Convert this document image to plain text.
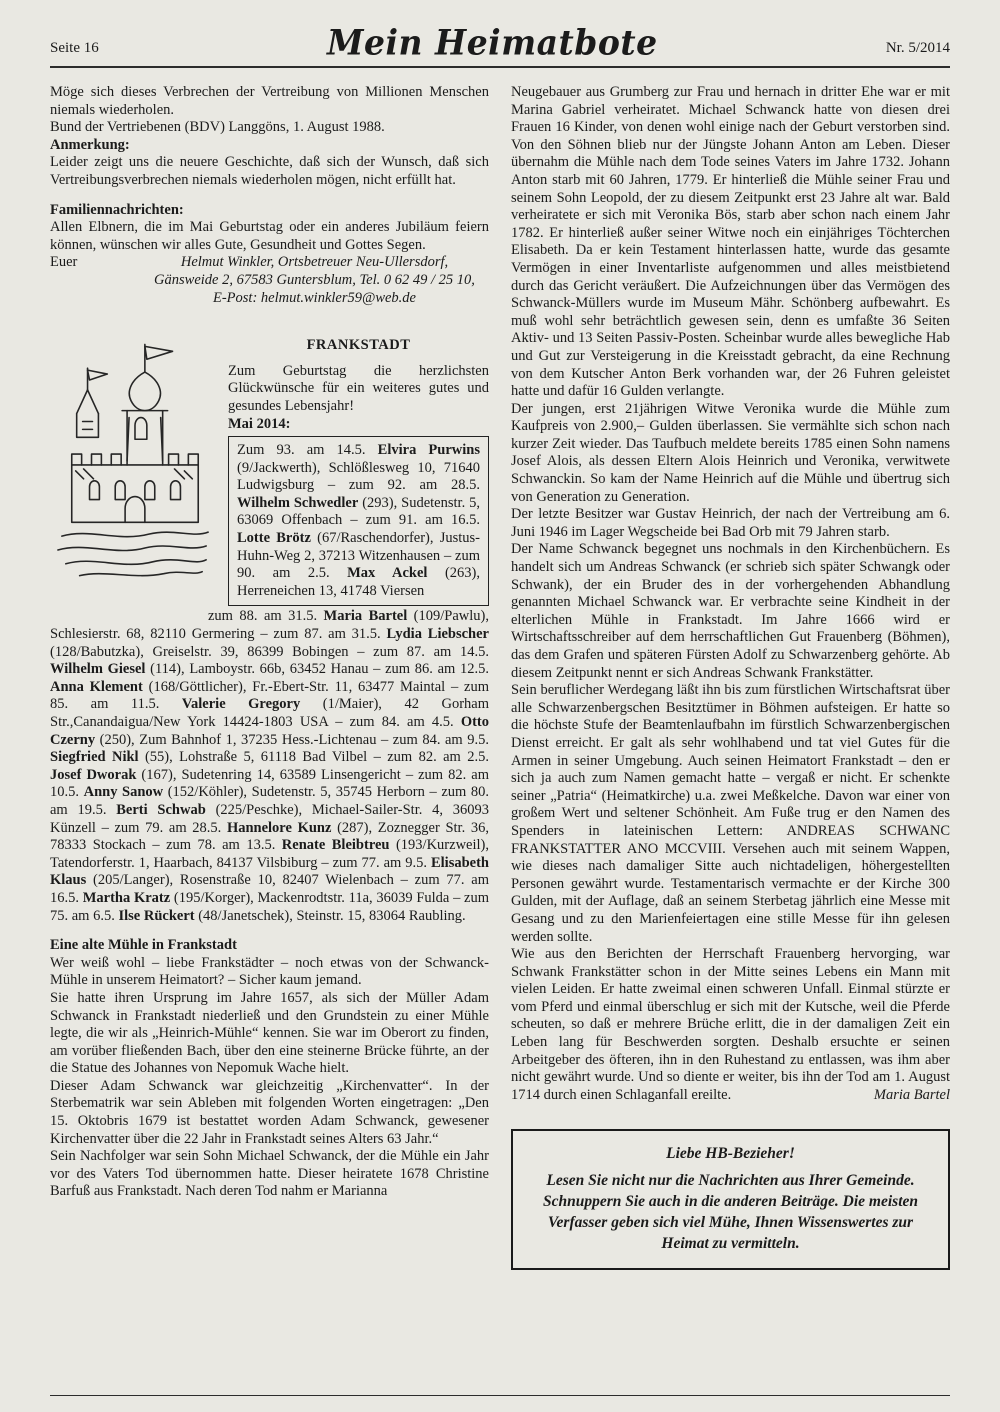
Seite 16	Mein Heimatbote	Nr. 5/2014

Möge sich dieses Verbrechen der Vertreibung von Millionen Menschen niemals wiederholen.

Bund der Vertriebenen (BDV) Langgöns, 1. August 1988.

Anmerkung:

Leider zeigt uns die neuere Geschichte, daß sich der Wunsch, daß sich Vertreibungsverbrechen niemals wiederholen mögen, nicht erfüllt hat.

Familiennachrichten:

Allen Elbnern, die im Mai Geburtstag oder ein anderes Jubiläum feiern können, wünschen wir alles Gute, Gesundheit und Gottes Segen.

Euer	Helmut Winkler, Ortsbetreuer Neu-Ullersdorf,
Gänsweide 2, 67583 Guntersblum, Tel. 0 62 49 / 25 10,
E-Post: helmut.winkler59@web.de
FRANKSTADT

Zum Geburtstag die herzlichsten Glückwünsche für ein weiteres gutes und gesundes Lebensjahr!

Mai 2014:

Zum 93. am 14.5. Elvira Purwins (9/Jackwerth), Schlößlesweg 10, 71640 Ludwigsburg – zum 92. am 28.5. Wilhelm Schwedler (293), Sudetenstr. 5, 63069 Offenbach – zum 91. am 16.5. Lotte Brötz (67/Raschendorfer), Justus-Huhn-Weg 2, 37213 Witzenhausen – zum 90. am 2.5. Max Ackel (263), Herreneichen 13, 41748 Viersen

zum 88. am 31.5. Maria Bartel (109/Pawlu), Schlesierstr. 68, 82110 Germering – zum 87. am 31.5. Lydia Liebscher (128/Babutzka), Greiselstr. 39, 86399 Bobingen – zum 87. am 14.5. Wilhelm Giesel (114), Lamboystr. 66b, 63452 Hanau – zum 86. am 12.5. Anna Klement (168/Göttlicher), Fr.-Ebert-Str. 11, 63477 Maintal – zum 85. am 11.5. Valerie Gregory (1/Maier), 42 Gorham Str.,Canandaigua/New York 14424-1803 USA – zum 84. am 4.5. Otto Czerny (250), Zum Bahnhof 1, 37235 Hess.-Lichtenau – zum 84. am 9.5. Siegfried Nikl (55), Lohstraße 5, 61118 Bad Vilbel – zum 82. am 2.5. Josef Dworak (167), Sudetenring 14, 63589 Linsengericht – zum 82. am 10.5. Anny Sanow (152/Köhler), Sudetenstr. 5, 35745 Herborn – zum 80. am 19.5. Berti Schwab (225/Peschke), Michael-Sailer-Str. 4, 36093 Künzell – zum 79. am 28.5. Hannelore Kunz (287), Zoznegger Str. 36, 78333 Stockach – zum 78. am 13.5. Renate Bleibtreu (193/Kurzweil), Tatendorferstr. 1, Haarbach, 84137 Vilsbiburg – zum 77. am 9.5. Elisabeth Klaus (205/Langer), Rosenstraße 10, 82407 Wielenbach – zum 77. am 16.5. Martha Kratz (195/Korger), Mackenrodtstr. 11a, 36039 Fulda – zum 75. am 6.5. Ilse Rückert (48/Janetschek), Steinstr. 15, 83064 Raubling.

Eine alte Mühle in Frankstadt

Wer weiß wohl – liebe Frankstädter – noch etwas von der Schwanck-Mühle in unserem Heimatort? – Sicher kaum jemand.

Sie hatte ihren Ursprung im Jahre 1657, als sich der Müller Adam Schwanck in Frankstadt niederließ und den Grundstein zu einer Mühle legte, die wir als „Heinrich-Mühle“ kennen. Sie war im Oberort zu finden, am vorüber fließenden Bach, über den eine steinerne Brücke führte, an der die Statue des Johannes von Nepomuk Wache hielt.

Dieser Adam Schwanck war gleichzeitig „Kirchenvatter“. In der Sterbematrik war sein Ableben mit folgenden Worten eingetragen: „Den 15. Oktobris 1679 ist bestattet worden Adam Schwanck, gewesener Kirchenvatter über die 22 Jahr in Frankstadt seines Alters 63 Jahr.“

Sein Nachfolger war sein Sohn Michael Schwanck, der die Mühle ein Jahr vor des Vaters Tod übernommen hatte. Dieser heiratete 1678 Christine Barfuß aus Frankstadt. Nach deren Tod nahm er Marianna

Neugebauer aus Grumberg zur Frau und hernach in dritter Ehe war er mit Marina Gabriel verheiratet. Michael Schwanck hatte von diesen drei Frauen 16 Kinder, von denen wohl einige nach der Geburt verstorben sind. Von den Söhnen blieb nur der Jüngste Johann Anton am Leben. Dieser übernahm die Mühle nach dem Tode seines Vaters im Jahre 1732. Johann Anton starb mit 60 Jahren, 1779. Er hinterließ die Mühle seiner Frau und seinem Sohn Leopold, der zu diesem Zeitpunkt erst 23 Jahre alt war. Bald verheiratete er sich mit Veronika Bös, starb aber schon nach einem Jahr 1782. Er hinterließ außer seiner Witwe noch ein einjähriges Töchterchen Elisabeth. Da er kein Testament hinterlassen hatte, wurde das gesamte Vermögen in einer Inventarliste aufgenommen und alles meistbietend durch das Gericht veräußert. Die Aufzeichnungen über das Vermögen des Schwanck-Müllers wurde im Museum Mähr. Schönberg aufbewahrt. Es muß wohl sehr beträchtlich gewesen sein, denn es umfaßte 36 Seiten Aktiv- und 13 Seiten Passiv-Posten. Scheinbar wurde alles bewegliche Hab und Gut zur Versteigerung in die Kreisstadt gebracht, da eine Rechnung von dem Kutscher Anton Berk vorhanden war, der 26 Fuhren geleistet hatte und dafür 16 Gulden verlangte.

Der jungen, erst 21jährigen Witwe Veronika wurde die Mühle zum Kaufpreis von 2.900,– Gulden überlassen. Sie vermählte sich schon nach kurzer Zeit wieder. Das Taufbuch meldete bereits 1785 einen Sohn namens Josef Alois, als dessen Eltern Alois Heinrich und Veronika, verwitwete Schwanckin. So kam der Name Heinrich auf die Mühle und übertrug sich von Generation zu Generation.

Der letzte Besitzer war Gustav Heinrich, der nach der Vertreibung am 6. Juni 1946 im Lager Wegscheide bei Bad Orb mit 79 Jahren starb.

Der Name Schwanck begegnet uns nochmals in den Kirchenbüchern. Es handelt sich um Andreas Schwanck (er schrieb sich später Schwangk oder Schwank), der ein Bruder des in der vorhergehenden Abhandlung genannten Michael Schwanck war. Er verbrachte seine Kindheit in der elterlichen Mühle in Frankstadt. Im Jahre 1666 wird er Wirtschaftsschreiber auf dem herrschaftlichen Gut Frauenberg (Böhmen), das dem Grafen und späteren Fürsten Adolf zu Schwarzenberg gehörte. Ab diesem Zeitpunkt nennt er sich Andreas Schwank Frankstätter.

Sein beruflicher Werdegang läßt ihn bis zum fürstlichen Wirtschaftsrat über alle Schwarzenbergschen Besitztümer in Böhmen aufsteigen. Er hatte so die höchste Stufe der Beamtenlaufbahn im fürstlich Schwarzenbergischen Dienst erreicht. Er galt als sehr wohlhabend und tat viel Gutes für die Armen in seiner Umgebung. Auch seinen Heimatort Frankstadt – den er sich ja auch zum Namen gemacht hatte – vergaß er nicht. Er schenkte seiner „Patria“ (Heimatkirche) u.a. zwei Meßkelche. Davon war einer von großem Wert und seltener Schönheit. Am Fuße trug er den Namen des Spenders in lateinischen Lettern: ANDREAS SCHWANC FRANKSTATTER ANO MCCVIII. Versehen auch mit seinem Wappen, wie dieses nach damaliger Sitte auch nichtadeligen, höhergestellten Personen gewährt wurde. Testamentarisch vermachte er der Kirche 300 Gulden, mit der Auflage, daß an seinem Sterbetag jährlich eine Messe mit Gesang und zu den Marienfeiertagen eine stille Messe für ihn gelesen werden sollte.

Wie aus den Berichten der Herrschaft Frauenberg hervorging, war Schwank Frankstätter schon in der Mitte seines Lebens ein Mann mit vielen Leiden. Er hatte zweimal einen schweren Unfall. Einmal stürzte er vom Pferd und einmal überschlug er sich mit der Kutsche, weil die Pferde scheuten, so daß er mehrere Brüche erlitt, die in der damaligen Zeit ein Leben lang für Beschwerden sorgten. Deshalb ersuchte er seinen Arbeitgeber des öfteren, ihn in den Ruhestand zu entlassen, was ihm aber nicht gewährt wurde. Und so diente er weiter, bis ihn der Tod am 1. August 1714 durch einen Schlaganfall ereilte.	Maria Bartel
Liebe HB-Bezieher!
Lesen Sie nicht nur die Nachrichten aus Ihrer Gemeinde. Schnuppern Sie auch in die anderen Beiträge. Die meisten Verfasser geben sich viel Mühe, Ihnen Wissenswertes zur Heimat zu vermitteln.
